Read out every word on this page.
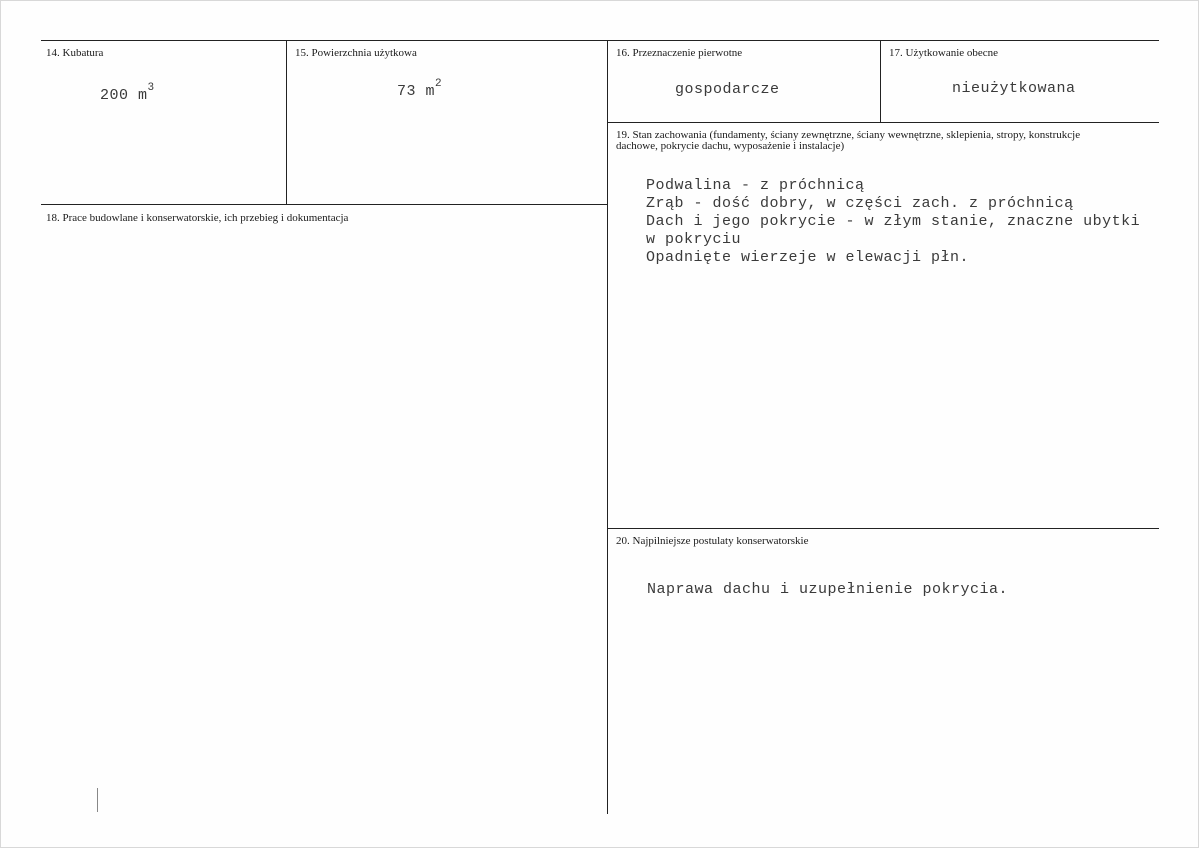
14. Kubatura
200 $m^3$
15. Powierzchnia użytkowa
73 $m^2$
16. Przeznaczenie pierwotne
gospodarcze
17. Użytkowanie obecne
nieużytkowana
18. Prace budowlane i konserwatorskie, ich przebieg i dokumentacja
19. Stan zachowania (fundamenty, ściany zewnętrzne, ściany wewnętrzne, sklepienia, stropy, konstrukcje dachowe, pokrycie dachu, wyposażenie i instalacje)
Podwalina - z próchnicą
Zrąb - dość dobry, w części zach. z próchnicą
Dach i jego pokrycie - w złym stanie, znaczne ubytki
w pokryciu
Opadnięte wierzeje w elewacji płn.
20. Najpilniejsze postulaty konserwatorskie
Naprawa dachu i uzupełnienie pokrycia.
